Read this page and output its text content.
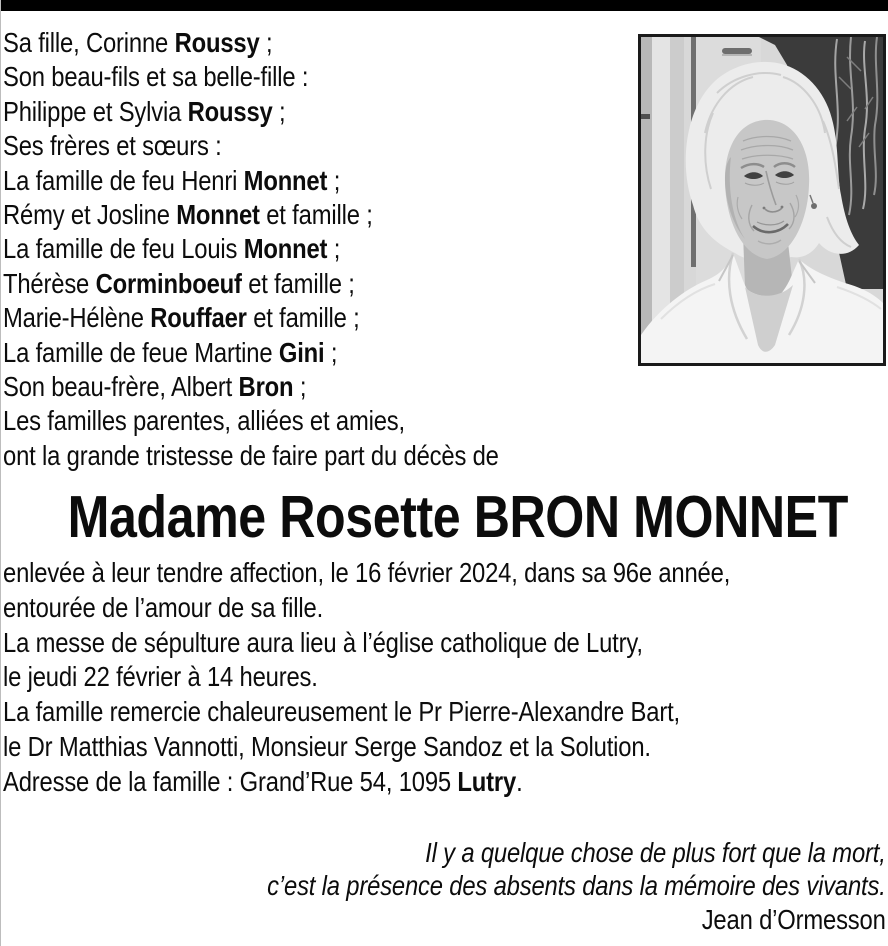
Sa fille, Corinne Roussy ;

Son beau-fils et sa belle-fille :

Philippe et Sylvia Roussy ;

Ses frères et sœurs :

La famille de feu Henri Monnet ;

Rémy et Josline Monnet et famille ;

La famille de feu Louis Monnet ;

Thérèse Corminboeuf et famille ;

Marie-Hélène Rouffaer et famille ;

La famille de feue Martine Gini ;

Son beau-frère, Albert Bron ;

Les familles parentes, alliées et amies,

ont la grande tristesse de faire part du décès de

Madame Rosette BRON MONNET

enlevée à leur tendre affection, le 16 février 2024, dans sa 96e année,

entourée de l’amour de sa fille.

La messe de sépulture aura lieu à l’église catholique de Lutry,

le jeudi 22 février à 14 heures.

La famille remercie chaleureusement le Pr Pierre-Alexandre Bart,

le Dr Matthias Vannotti, Monsieur Serge Sandoz et la Solution.

Adresse de la famille : Grand’Rue 54, 1095 Lutry.

Il y a quelque chose de plus fort que la mort,

c’est la présence des absents dans la mémoire des vivants.

Jean d’Ormesson
